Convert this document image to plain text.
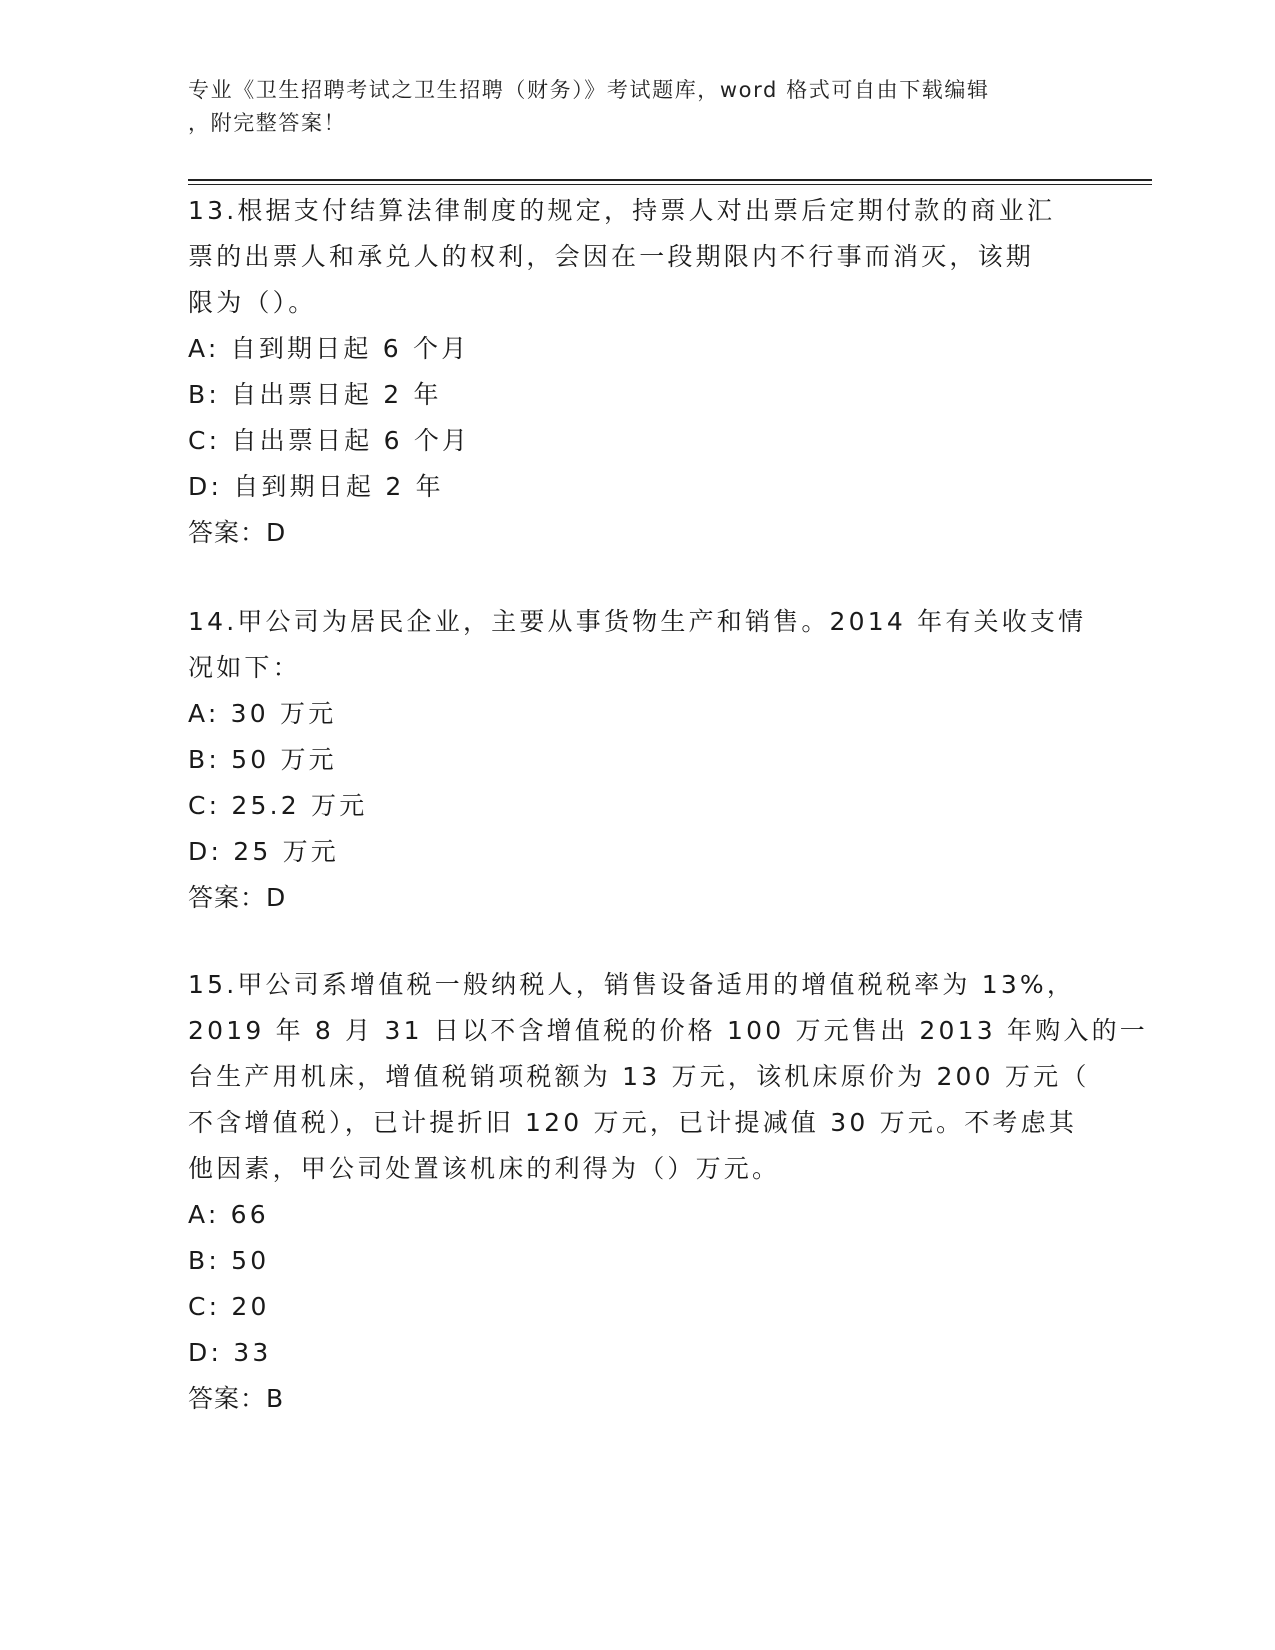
专业《卫生招聘考试之卫生招聘（财务）》考试题库，word 格式可自由下载编辑
，附完整答案！
13.根据支付结算法律制度的规定，持票人对出票后定期付款的商业汇
票的出票人和承兑人的权利，会因在一段期限内不行事而消灭，该期
限为（）。
A: 自到期日起 6 个月
B: 自出票日起 2 年
C: 自出票日起 6 个月
D: 自到期日起 2 年
答案：D
14.甲公司为居民企业，主要从事货物生产和销售。2014 年有关收支情
况如下：
A: 30 万元
B: 50 万元
C: 25.2 万元
D: 25 万元
答案：D
15.甲公司系增值税一般纳税人，销售设备适用的增值税税率为 13%，
2019 年 8 月 31 日以不含增值税的价格 100 万元售出 2013 年购入的一
台生产用机床，增值税销项税额为 13 万元，该机床原价为 200 万元（
不含增值税），已计提折旧 120 万元，已计提减值 30 万元。不考虑其
他因素，甲公司处置该机床的利得为（）万元。
A: 66
B: 50
C: 20
D: 33
答案：B
